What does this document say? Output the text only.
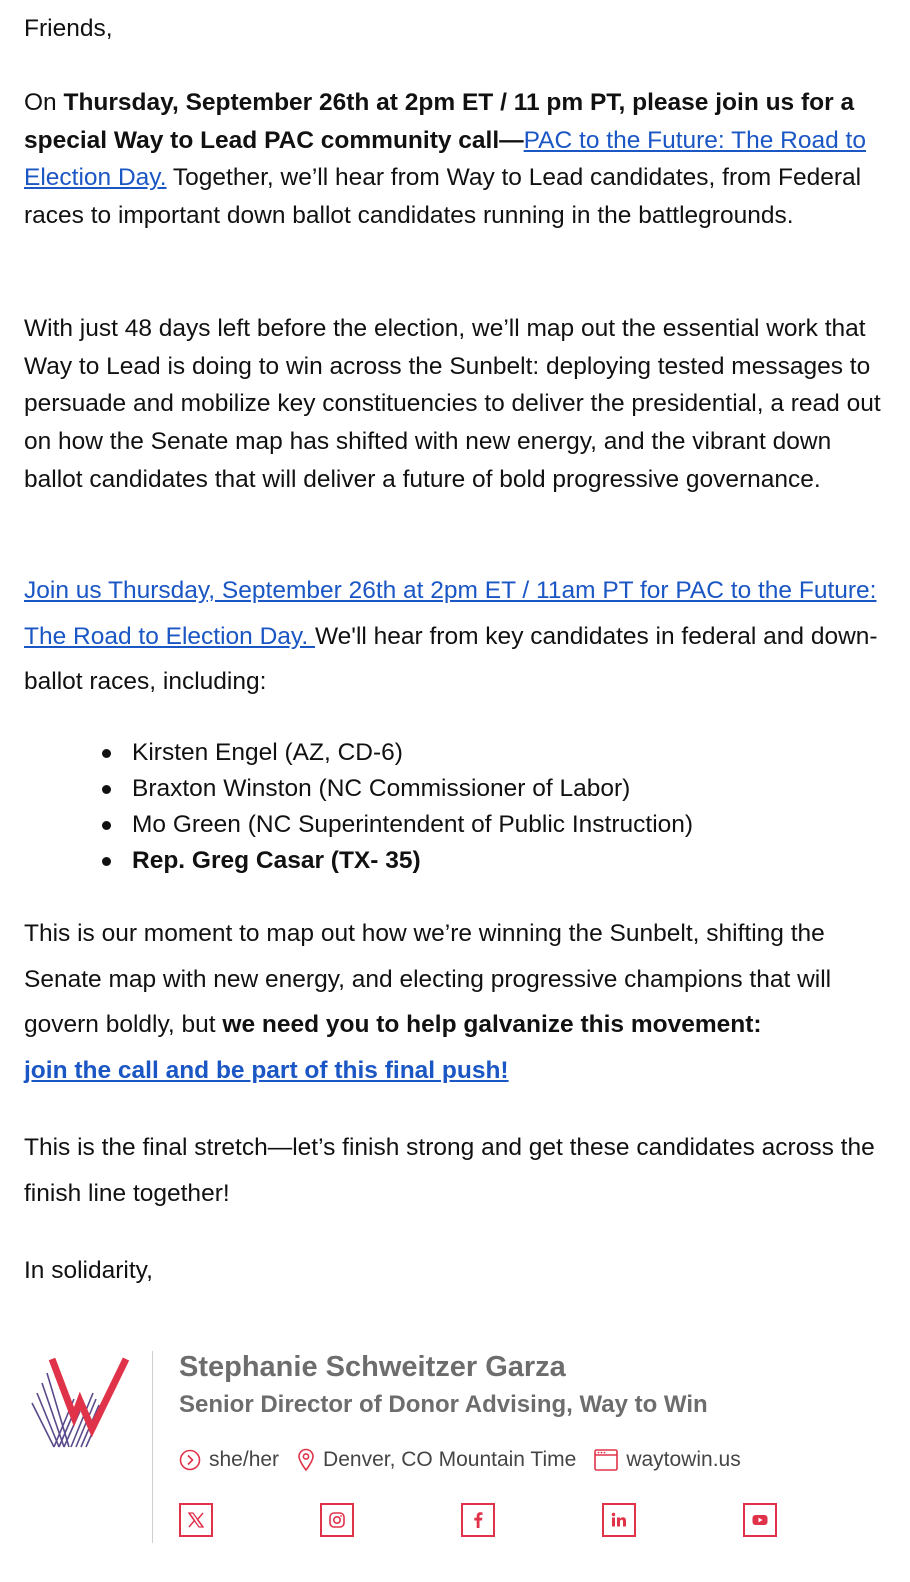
Friends,

On Thursday, September 26th at 2pm ET / 11 pm PT, please join us for a special Way to Lead PAC community call—PAC to the Future: The Road to Election Day. Together, we’ll hear from Way to Lead candidates, from Federal races to important down ballot candidates running in the battlegrounds.

With just 48 days left before the election, we’ll map out the essential work that Way to Lead is doing to win across the Sunbelt: deploying tested messages to persuade and mobilize key constituencies to deliver the presidential, a read out on how the Senate map has shifted with new energy, and the vibrant down ballot candidates that will deliver a future of bold progressive governance.

Join us Thursday, September 26th at 2pm ET / 11am PT for PAC to the Future: The Road to Election Day. We'll hear from key candidates in federal and down-ballot races, including:

Kirsten Engel (AZ, CD-6)
Braxton Winston (NC Commissioner of Labor)
Mo Green (NC Superintendent of Public Instruction)
Rep. Greg Casar (TX- 35)

This is our moment to map out how we’re winning the Sunbelt, shifting the Senate map with new energy, and electing progressive champions that will govern boldly, but we need you to help galvanize this movement:
join the call and be part of this final push!

This is the final stretch—let’s finish strong and get these candidates across the finish line together!

In solidarity,

Stephanie Schweitzer Garza
Senior Director of Donor Advising, Way to Win
she/her Denver, CO Mountain Time waytowin.us
